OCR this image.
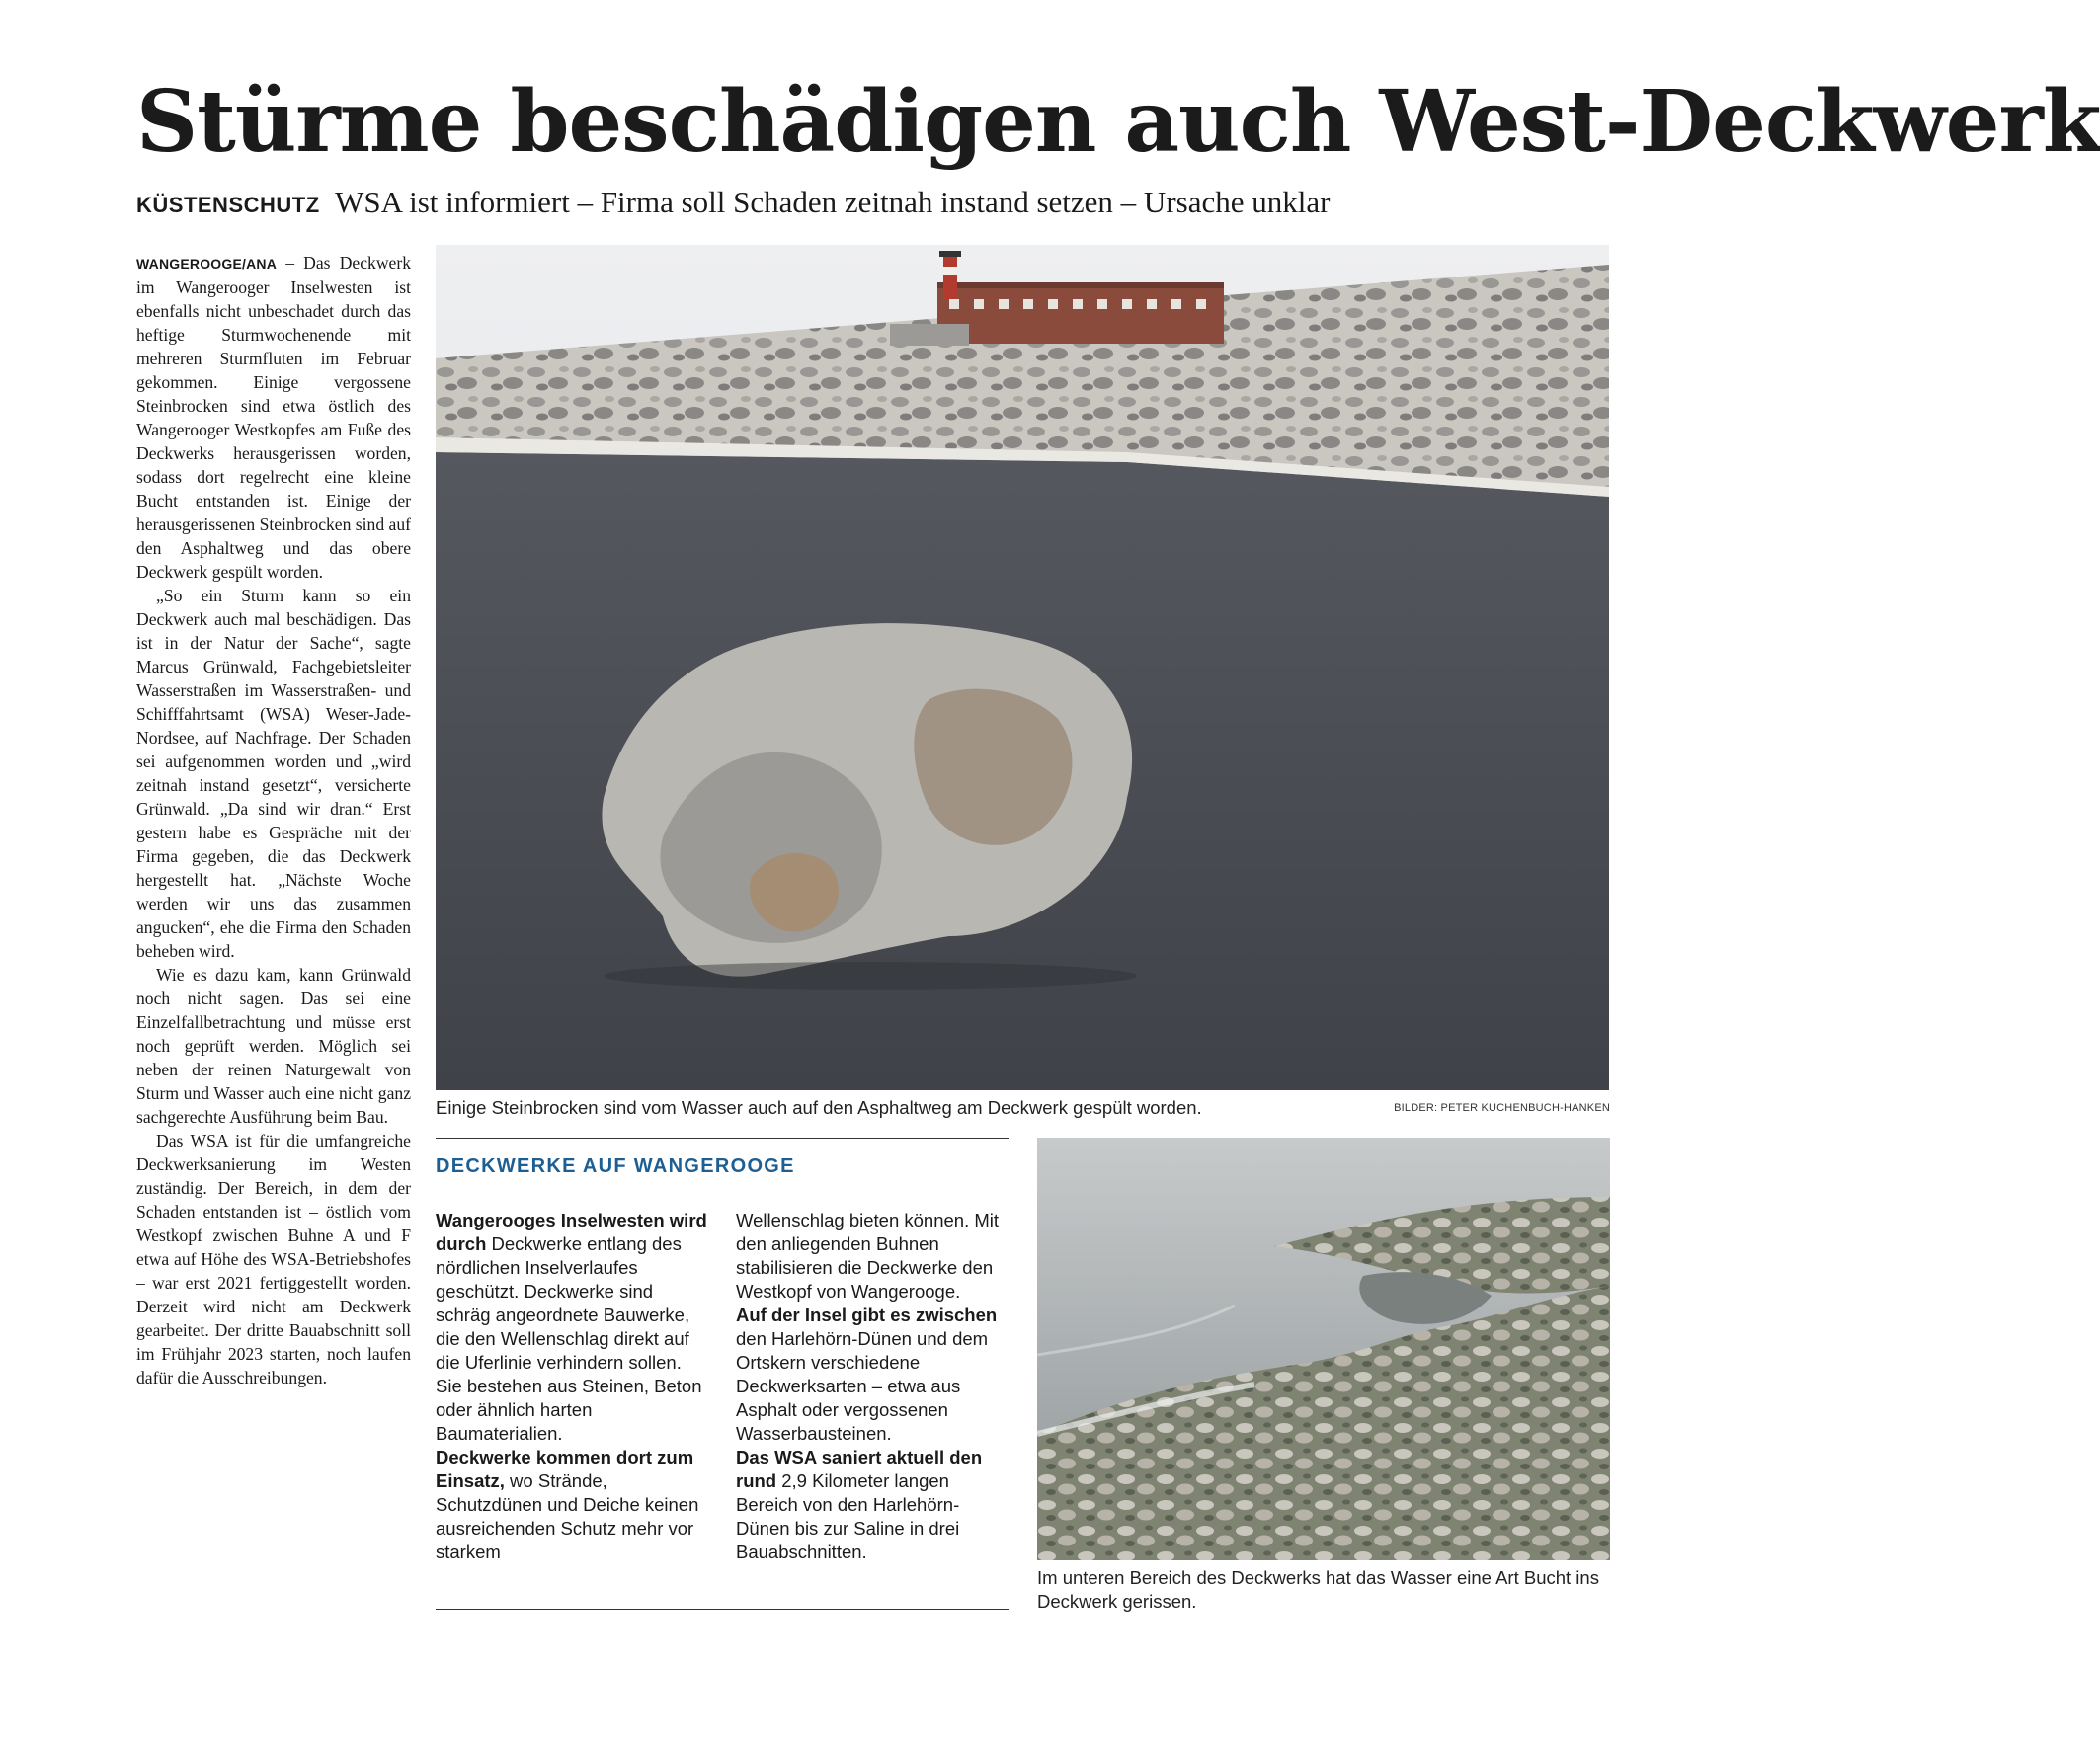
Stürme beschädigen auch West-Deckwerk
KÜSTENSCHUTZ WSA ist informiert – Firma soll Schaden zeitnah instand setzen – Ursache unklar

WANGEROOGE/ANA – Das Deckwerk im Wangerooger Inselwesten ist ebenfalls nicht unbeschadet durch das heftige Sturmwochenende mit mehreren Sturmfluten im Februar gekommen. Einige vergossene Steinbrocken sind etwa östlich des Wangerooger Westkopfes am Fuße des Deckwerks herausgerissen worden, sodass dort regelrecht eine kleine Bucht entstanden ist. Einige der herausgerissenen Steinbrocken sind auf den Asphaltweg und das obere Deckwerk gespült worden.

„So ein Sturm kann so ein Deckwerk auch mal beschädigen. Das ist in der Natur der Sache“, sagte Marcus Grünwald, Fachgebietsleiter Wasserstraßen im Wasserstraßen- und Schifffahrtsamt (WSA) Weser-Jade-Nordsee, auf Nachfrage. Der Schaden sei aufgenommen worden und „wird zeitnah instand gesetzt“, versicherte Grünwald. „Da sind wir dran.“ Erst gestern habe es Gespräche mit der Firma gegeben, die das Deckwerk hergestellt hat. „Nächste Woche werden wir uns das zusammen angucken“, ehe die Firma den Schaden beheben wird.

Wie es dazu kam, kann Grünwald noch nicht sagen. Das sei eine Einzelfallbetrachtung und müsse erst noch geprüft werden. Möglich sei neben der reinen Naturgewalt von Sturm und Wasser auch eine nicht ganz sachgerechte Ausführung beim Bau.

Das WSA ist für die umfangreiche Deckwerksanierung im Westen zuständig. Der Bereich, in dem der Schaden entstanden ist – östlich vom Westkopf zwischen Buhne A und F etwa auf Höhe des WSA-Betriebshofes – war erst 2021 fertiggestellt worden. Derzeit wird nicht am Deckwerk gearbeitet. Der dritte Bauabschnitt soll im Frühjahr 2023 starten, noch laufen dafür die Ausschreibungen.

Einige Steinbrocken sind vom Wasser auch auf den Asphaltweg am Deckwerk gespült worden.	BILDER: PETER KUCHENBUCH-HANKEN
DECKWERKE AUF WANGEROOGE

Wangerooges Inselwesten wird durch Deckwerke entlang des nördlichen Inselverlaufes geschützt. Deckwerke sind schräg angeordnete Bauwerke, die den Wellenschlag direkt auf die Uferlinie verhindern sollen. Sie bestehen aus Steinen, Beton oder ähnlich harten Baumaterialien.

Deckwerke kommen dort zum Einsatz, wo Strände, Schutzdünen und Deiche keinen ausreichenden Schutz mehr vor starkem

Wellenschlag bieten können. Mit den anliegenden Buhnen stabilisieren die Deckwerke den Westkopf von Wangerooge.

Auf der Insel gibt es zwischen den Harlehörn-Dünen und dem Ortskern verschiedene Deckwerksarten – etwa aus Asphalt oder vergossenen Wasserbausteinen.

Das WSA saniert aktuell den rund 2,9 Kilometer langen Bereich von den Harlehörn-Dünen bis zur Saline in drei Bauabschnitten.

Im unteren Bereich des Deckwerks hat das Wasser eine Art Bucht ins Deckwerk gerissen.
